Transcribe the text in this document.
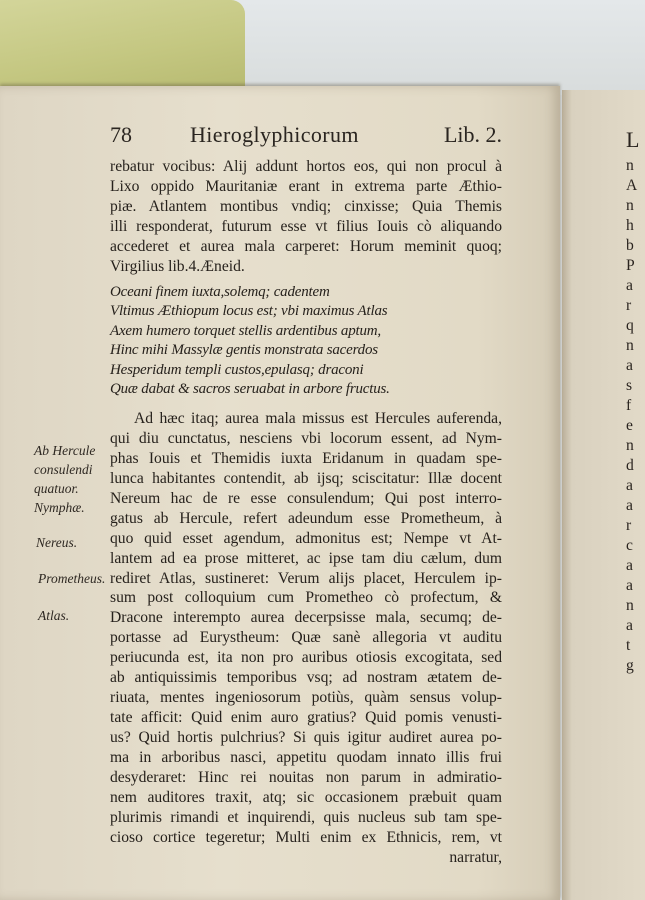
78	Hieroglyphicorum	Lib. 2.
rebatur vocibus: Alij addunt hortos eos, qui non procul à
Lixo oppido Mauritaniæ erant in extrema parte Æthio-
piæ. Atlantem montibus vndiq; cinxisse; Quia Themis
illi responderat, futurum esse vt filius Iouis cò aliquando
accederet et aurea mala carperet: Horum meminit quoq;
Virgilius lib.4.Æneid.
Oceani finem iuxta,solemq; cadentem
Vltimus Æthiopum locus est; vbi maximus Atlas
Axem humero torquet stellis ardentibus aptum,
Hinc mihi Massylæ gentis monstrata sacerdos
Hesperidum templi custos,epulasq; draconi
Quæ dabat & sacros seruabat in arbore fructus.
Ad hæc itaq; aurea mala missus est Hercules auferenda,
qui diu cunctatus, nesciens vbi locorum essent, ad Nym-
phas Iouis et Themidis iuxta Eridanum in quadam spe-
lunca habitantes contendit, ab ijsq; sciscitatur: Illæ docent
Nereum hac de re esse consulendum; Qui post interro-
gatus ab Hercule, refert adeundum esse Prometheum, à
quo quid esset agendum, admonitus est; Nempe vt At-
lantem ad ea prose mitteret, ac ipse tam diu cælum, dum
rediret Atlas, sustineret: Verum alijs placet, Herculem ip-
sum post colloquium cum Prometheo cò profectum, &
Dracone interempto aurea decerpsisse mala, secumq; de-
portasse ad Eurystheum: Quæ sanè allegoria vt auditu
periucunda est, ita non pro auribus otiosis excogitata, sed
ab antiquissimis temporibus vsq; ad nostram ætatem de-
riuata, mentes ingeniosorum potiùs, quàm sensus volup-
tate afficit: Quid enim auro gratius? Quid pomis venusti-
us? Quid hortis pulchrius? Si quis igitur audiret aurea po-
ma in arboribus nasci, appetitu quodam innato illis frui
desyderaret: Hinc rei nouitas non parum in admiratio-
nem auditores traxit, atq; sic occasionem præbuit quam
plurimis rimandi et inquirendi, quis nucleus sub tam spe-
cioso cortice tegeretur; Multi enim ex Ethnicis, rem, vt
narratur,
Ab Hercule
consulendi
quatuor.
Nymphæ.
Nereus.
Prometheus.
Atlas.
L
n
A
n
h
b
P
a
r
q
n
a
s
f
e
n
d
a
a
r
c
a
a
n
a
t
g
